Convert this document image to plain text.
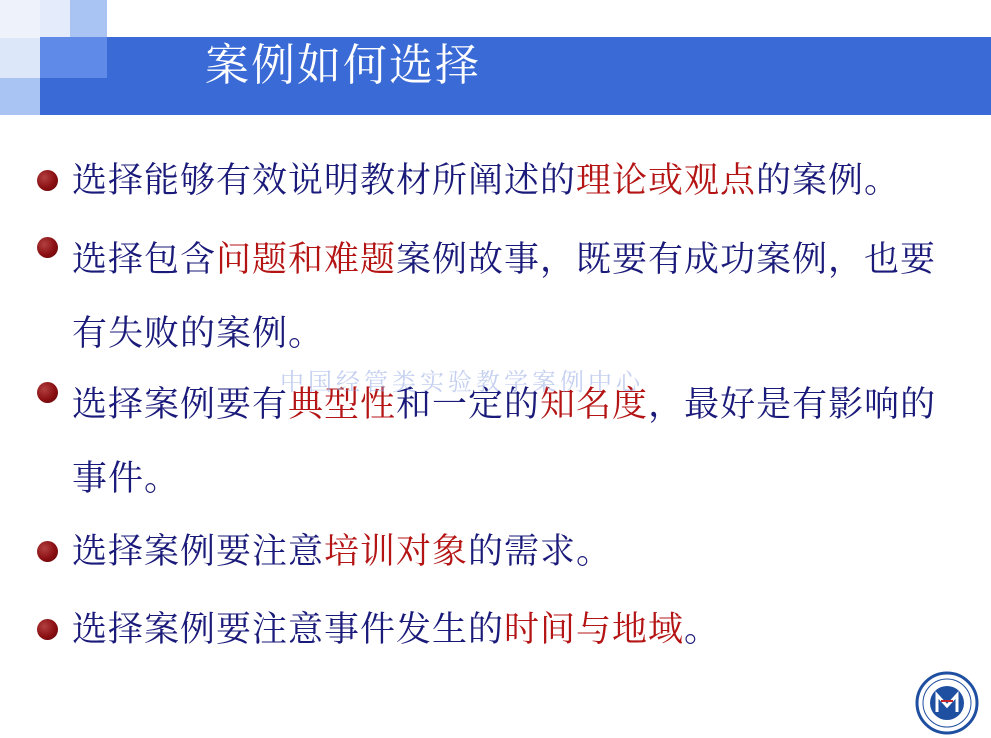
案例如何选择
选择能够有效说明教材所阐述的理论或观点的案例。
选择包含问题和难题案例故事，既要有成功案例，也要有失败的案例。
选择案例要有典型性和一定的知名度，最好是有影响的事件。
选择案例要注意培训对象的需求。
选择案例要注意事件发生的时间与地域。
中国经管类实验教学案例中心
